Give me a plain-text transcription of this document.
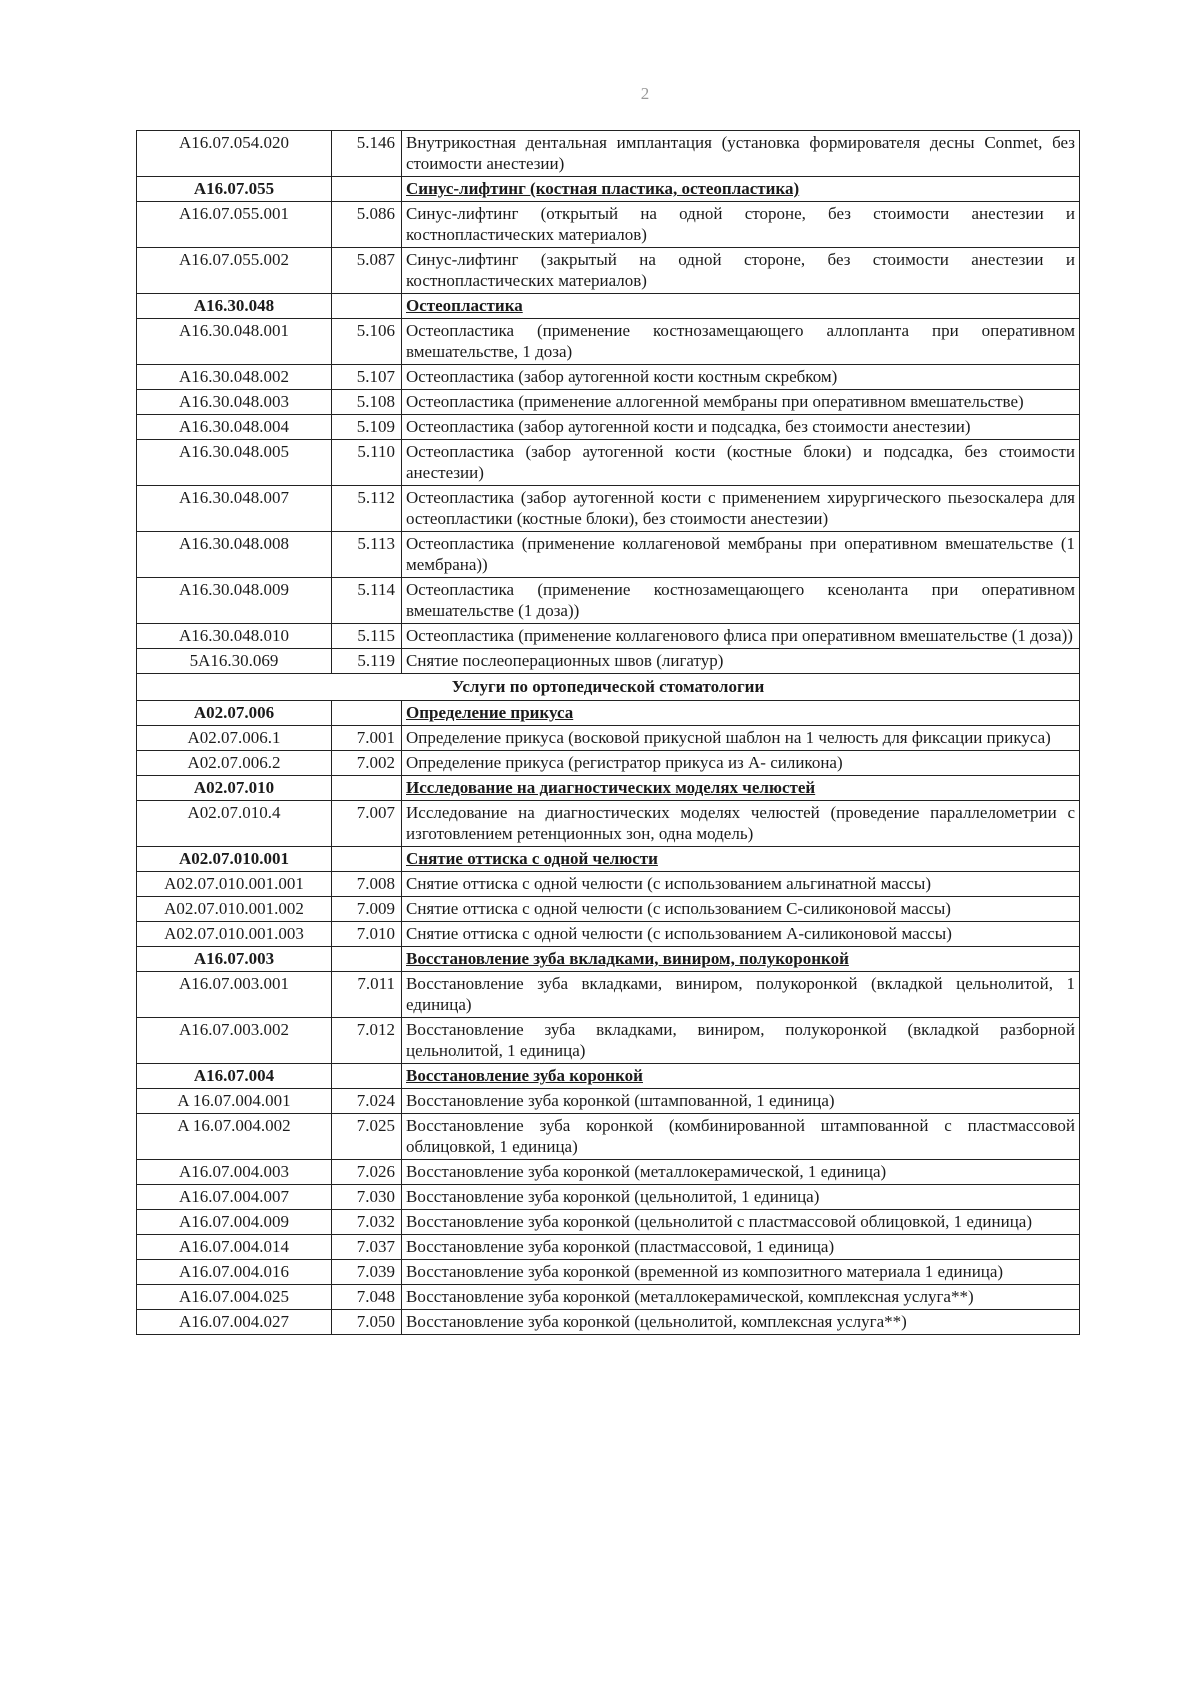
2
A16.07.054.020	5.146	Внутрикостная дентальная имплантация (установка формирователя десны Conmet, без стоимости анестезии)
A16.07.055		Синус-лифтинг (костная пластика, остеопластика)
A16.07.055.001	5.086	Синус-лифтинг (открытый на одной стороне, без стоимости анестезии и костнопластических материалов)
A16.07.055.002	5.087	Синус-лифтинг (закрытый на одной стороне, без стоимости анестезии и костнопластических материалов)
A16.30.048		Остеопластика
A16.30.048.001	5.106	Остеопластика (применение костнозамещающего аллопланта при оперативном вмешательстве, 1 доза)
A16.30.048.002	5.107	Остеопластика (забор аутогенной кости костным скребком)
A16.30.048.003	5.108	Остеопластика (применение аллогенной мембраны при оперативном вмешательстве)
A16.30.048.004	5.109	Остеопластика (забор аутогенной кости и подсадка, без стоимости анестезии)
A16.30.048.005	5.110	Остеопластика (забор аутогенной кости (костные блоки) и подсадка, без стоимости анестезии)
A16.30.048.007	5.112	Остеопластика (забор аутогенной кости с применением хирургического пьезоскалера для остеопластики (костные блоки), без стоимости анестезии)
A16.30.048.008	5.113	Остеопластика (применение коллагеновой мембраны при оперативном вмешательстве (1 мембрана))
A16.30.048.009	5.114	Остеопластика (применение костнозамещающего ксеноланта при оперативном вмешательстве (1 доза))
A16.30.048.010	5.115	Остеопластика (применение коллагенового флиса при оперативном вмешательстве (1 доза))
5A16.30.069	5.119	Снятие послеоперационных швов (лигатур)
Услуги по ортопедической стоматологии		
A02.07.006		Определение прикуса
A02.07.006.1	7.001	Определение прикуса (восковой прикусной шаблон на 1 челюсть для фиксации прикуса)
A02.07.006.2	7.002	Определение прикуса (регистратор прикуса из А- силикона)
A02.07.010		Исследование на диагностических моделях челюстей
A02.07.010.4	7.007	Исследование на диагностических моделях челюстей (проведение параллелометрии с изготовлением ретенционных зон, одна модель)
A02.07.010.001		Снятие оттиска с одной челюсти
A02.07.010.001.001	7.008	Снятие оттиска с одной челюсти (с использованием альгинатной массы)
A02.07.010.001.002	7.009	Снятие оттиска с одной челюсти (с использованием С-силиконовой массы)
A02.07.010.001.003	7.010	Снятие оттиска с одной челюсти (с использованием А-силиконовой массы)
A16.07.003		Восстановление зуба вкладками, виниром, полукоронкой
A16.07.003.001	7.011	Восстановление зуба вкладками, виниром, полукоронкой (вкладкой цельнолитой, 1 единица)
A16.07.003.002	7.012	Восстановление зуба вкладками, виниром, полукоронкой (вкладкой разборной цельнолитой, 1 единица)
A16.07.004		Восстановление зуба коронкой
A 16.07.004.001	7.024	Восстановление зуба коронкой (штампованной, 1 единица)
A 16.07.004.002	7.025	Восстановление зуба коронкой (комбинированной штампованной с пластмассовой облицовкой, 1 единица)
A16.07.004.003	7.026	Восстановление зуба коронкой (металлокерамической, 1 единица)
A16.07.004.007	7.030	Восстановление зуба коронкой (цельнолитой, 1 единица)
A16.07.004.009	7.032	Восстановление зуба коронкой (цельнолитой с пластмассовой облицовкой, 1 единица)
A16.07.004.014	7.037	Восстановление зуба коронкой (пластмассовой, 1 единица)
A16.07.004.016	7.039	Восстановление зуба коронкой (временной из композитного материала 1 единица)
A16.07.004.025	7.048	Восстановление зуба коронкой (металлокерамической, комплексная услуга**)
A16.07.004.027	7.050	Восстановление зуба коронкой (цельнолитой, комплексная услуга**)
